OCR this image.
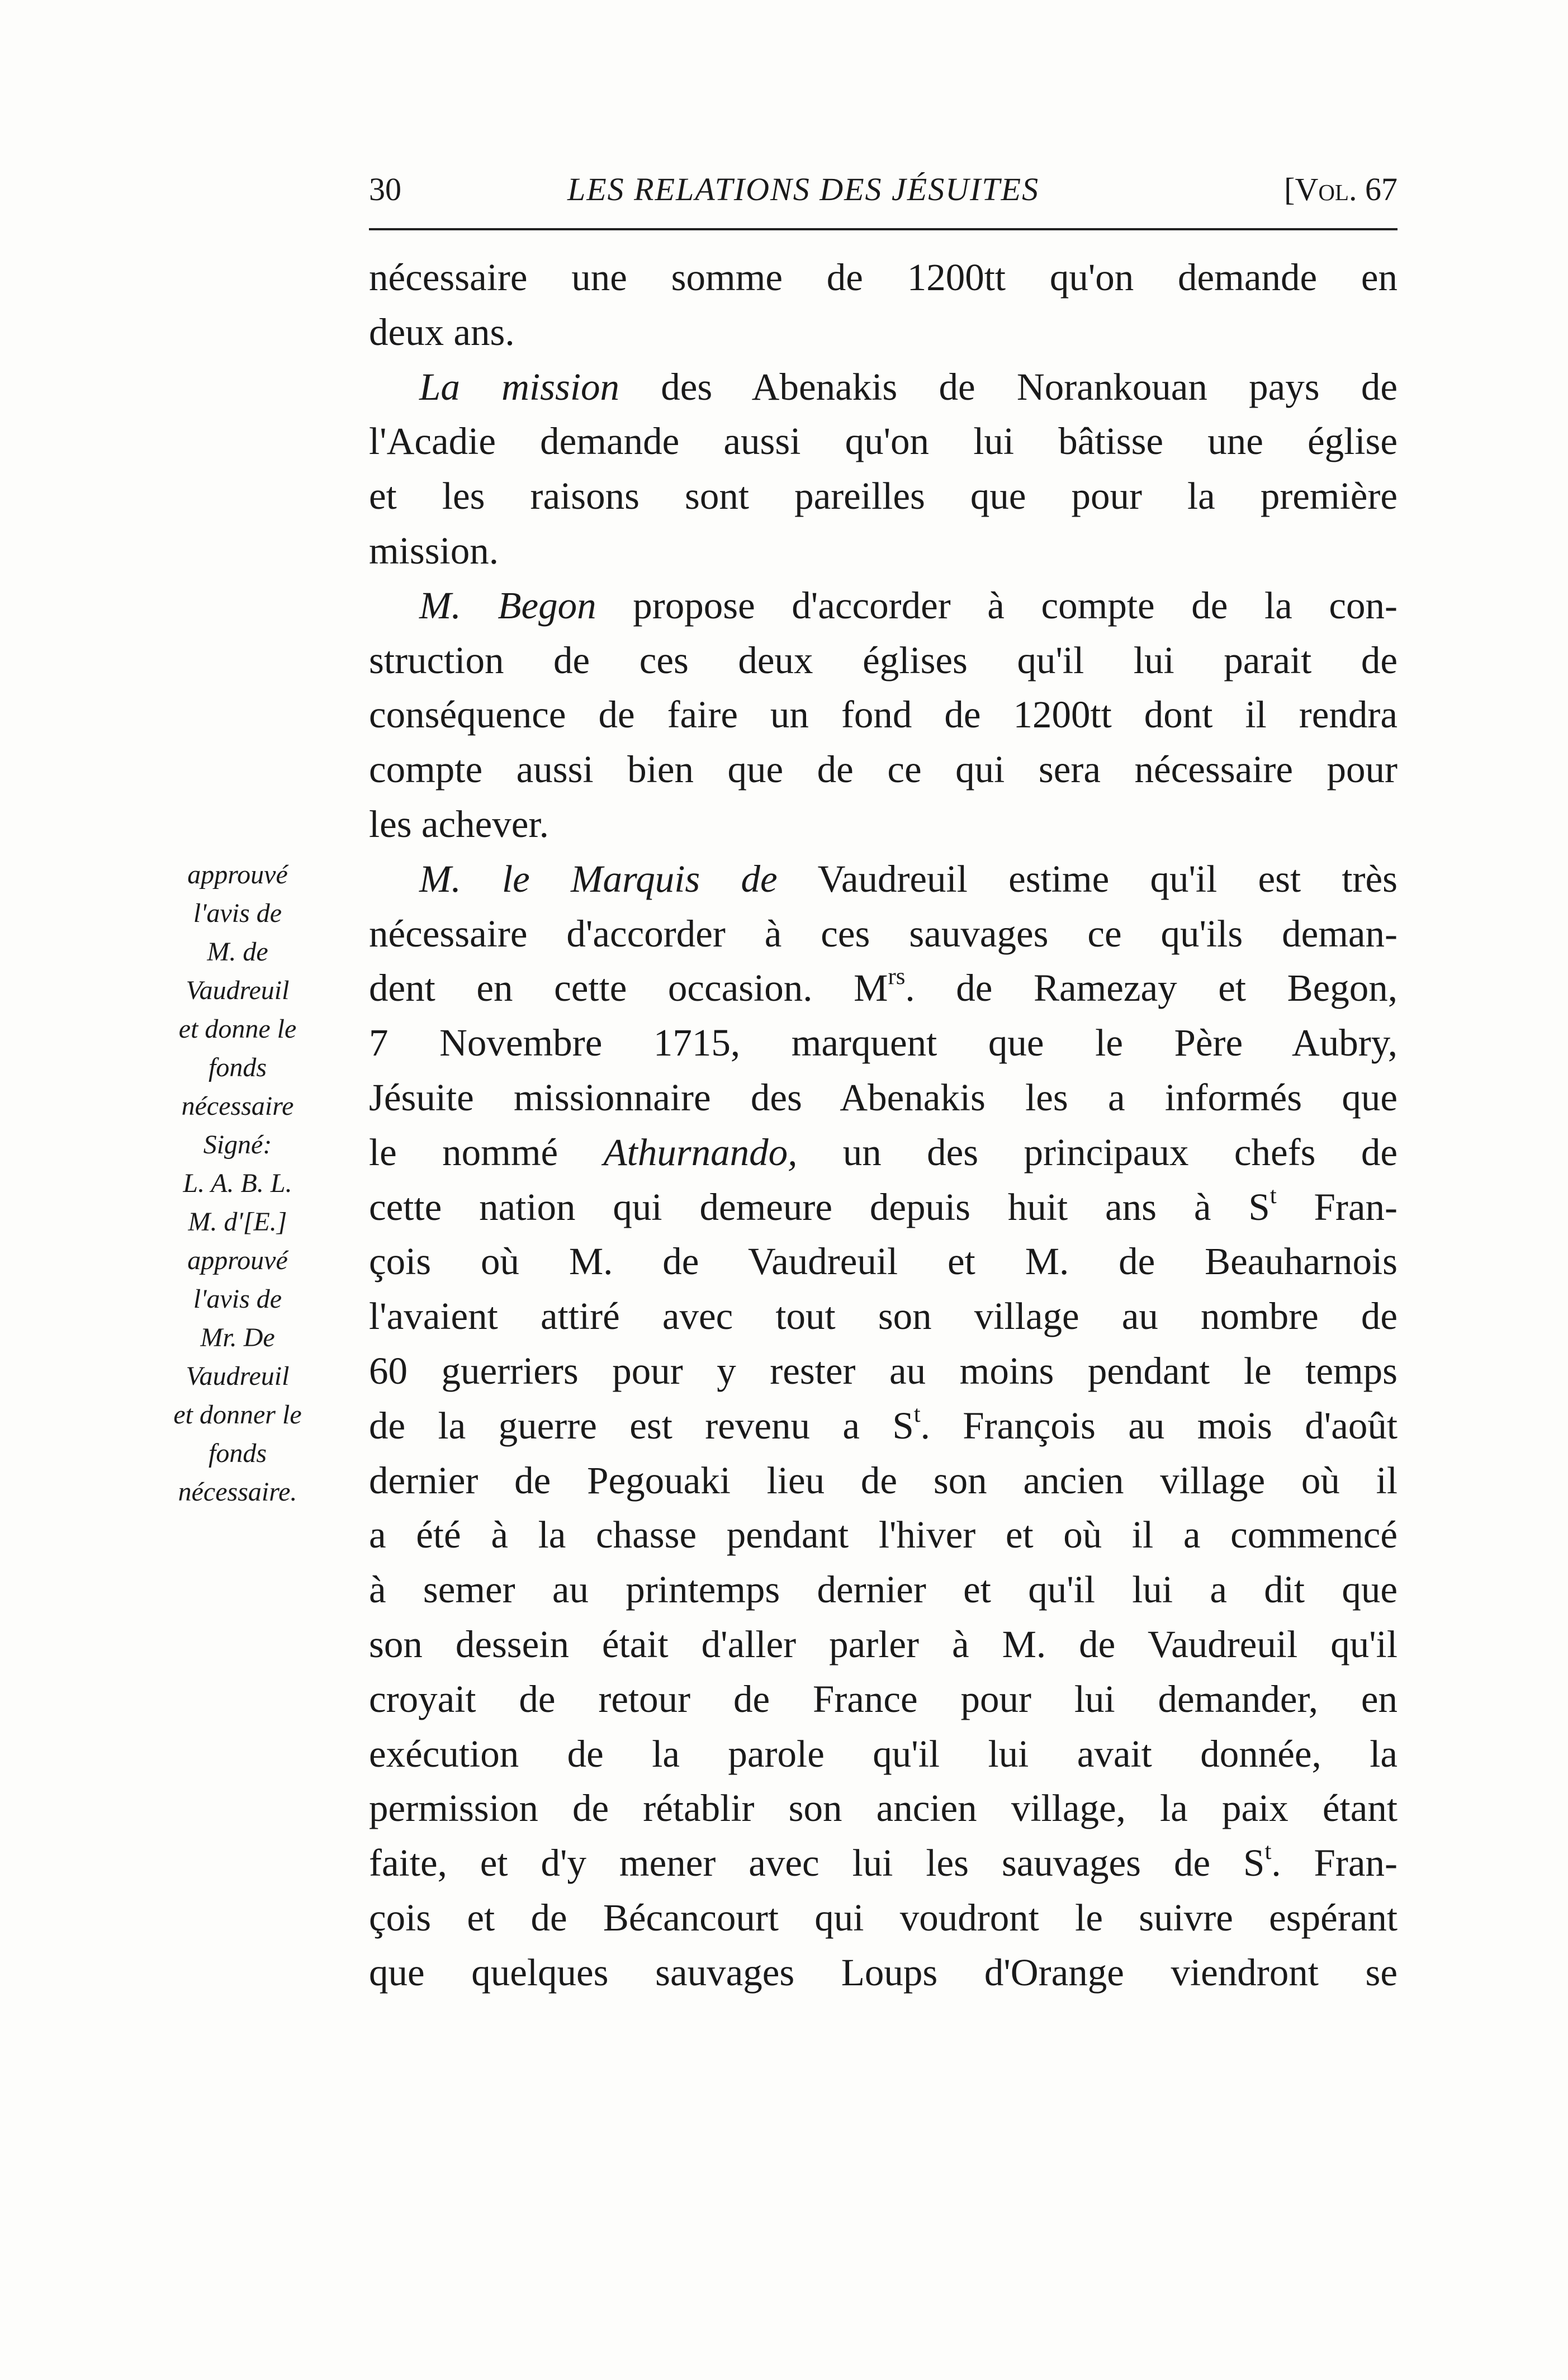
30	LES RELATIONS DES JÉSUITES	[Vol. 67
approuvé
l'avis de
M. de
Vaudreuil
et donne le
fonds
nécessaire
Signé:
L. A. B. L.
M. d'[E.]
approuvé
l'avis de
Mr. De
Vaudreuil
et donner le
fonds
nécessaire.
nécessaire une somme de 1200tt qu'on demande en
deux ans.
La mission des Abenakis de Norankouan pays de
l'Acadie demande aussi qu'on lui bâtisse une église
et les raisons sont pareilles que pour la première
mission.
M. Begon propose d'accorder à compte de la con-
struction de ces deux églises qu'il lui parait de
conséquence de faire un fond de 1200tt dont il rendra
compte aussi bien que de ce qui sera nécessaire pour
les achever.
M. le Marquis de Vaudreuil estime qu'il est très
nécessaire d'accorder à ces sauvages ce qu'ils deman-
dent en cette occasion. $M^{rs}$. de Ramezay et Begon,
7 Novembre 1715, marquent que le Père Aubry,
Jésuite missionnaire des Abenakis les a informés que
le nommé Athurnando, un des principaux chefs de
cette nation qui demeure depuis huit ans à $S^t$ Fran-
çois où M. de Vaudreuil et M. de Beauharnois
l'avaient attiré avec tout son village au nombre de
60 guerriers pour y rester au moins pendant le temps
de la guerre est revenu a $S^t$. François au mois d'août
dernier de Pegouaki lieu de son ancien village où il
a été à la chasse pendant l'hiver et où il a commencé
à semer au printemps dernier et qu'il lui a dit que
son dessein était d'aller parler à M. de Vaudreuil qu'il
croyait de retour de France pour lui demander, en
exécution de la parole qu'il lui avait donnée, la
permission de rétablir son ancien village, la paix étant
faite, et d'y mener avec lui les sauvages de $S^t$. Fran-
çois et de Bécancourt qui voudront le suivre espérant
que quelques sauvages Loups d'Orange viendront se
